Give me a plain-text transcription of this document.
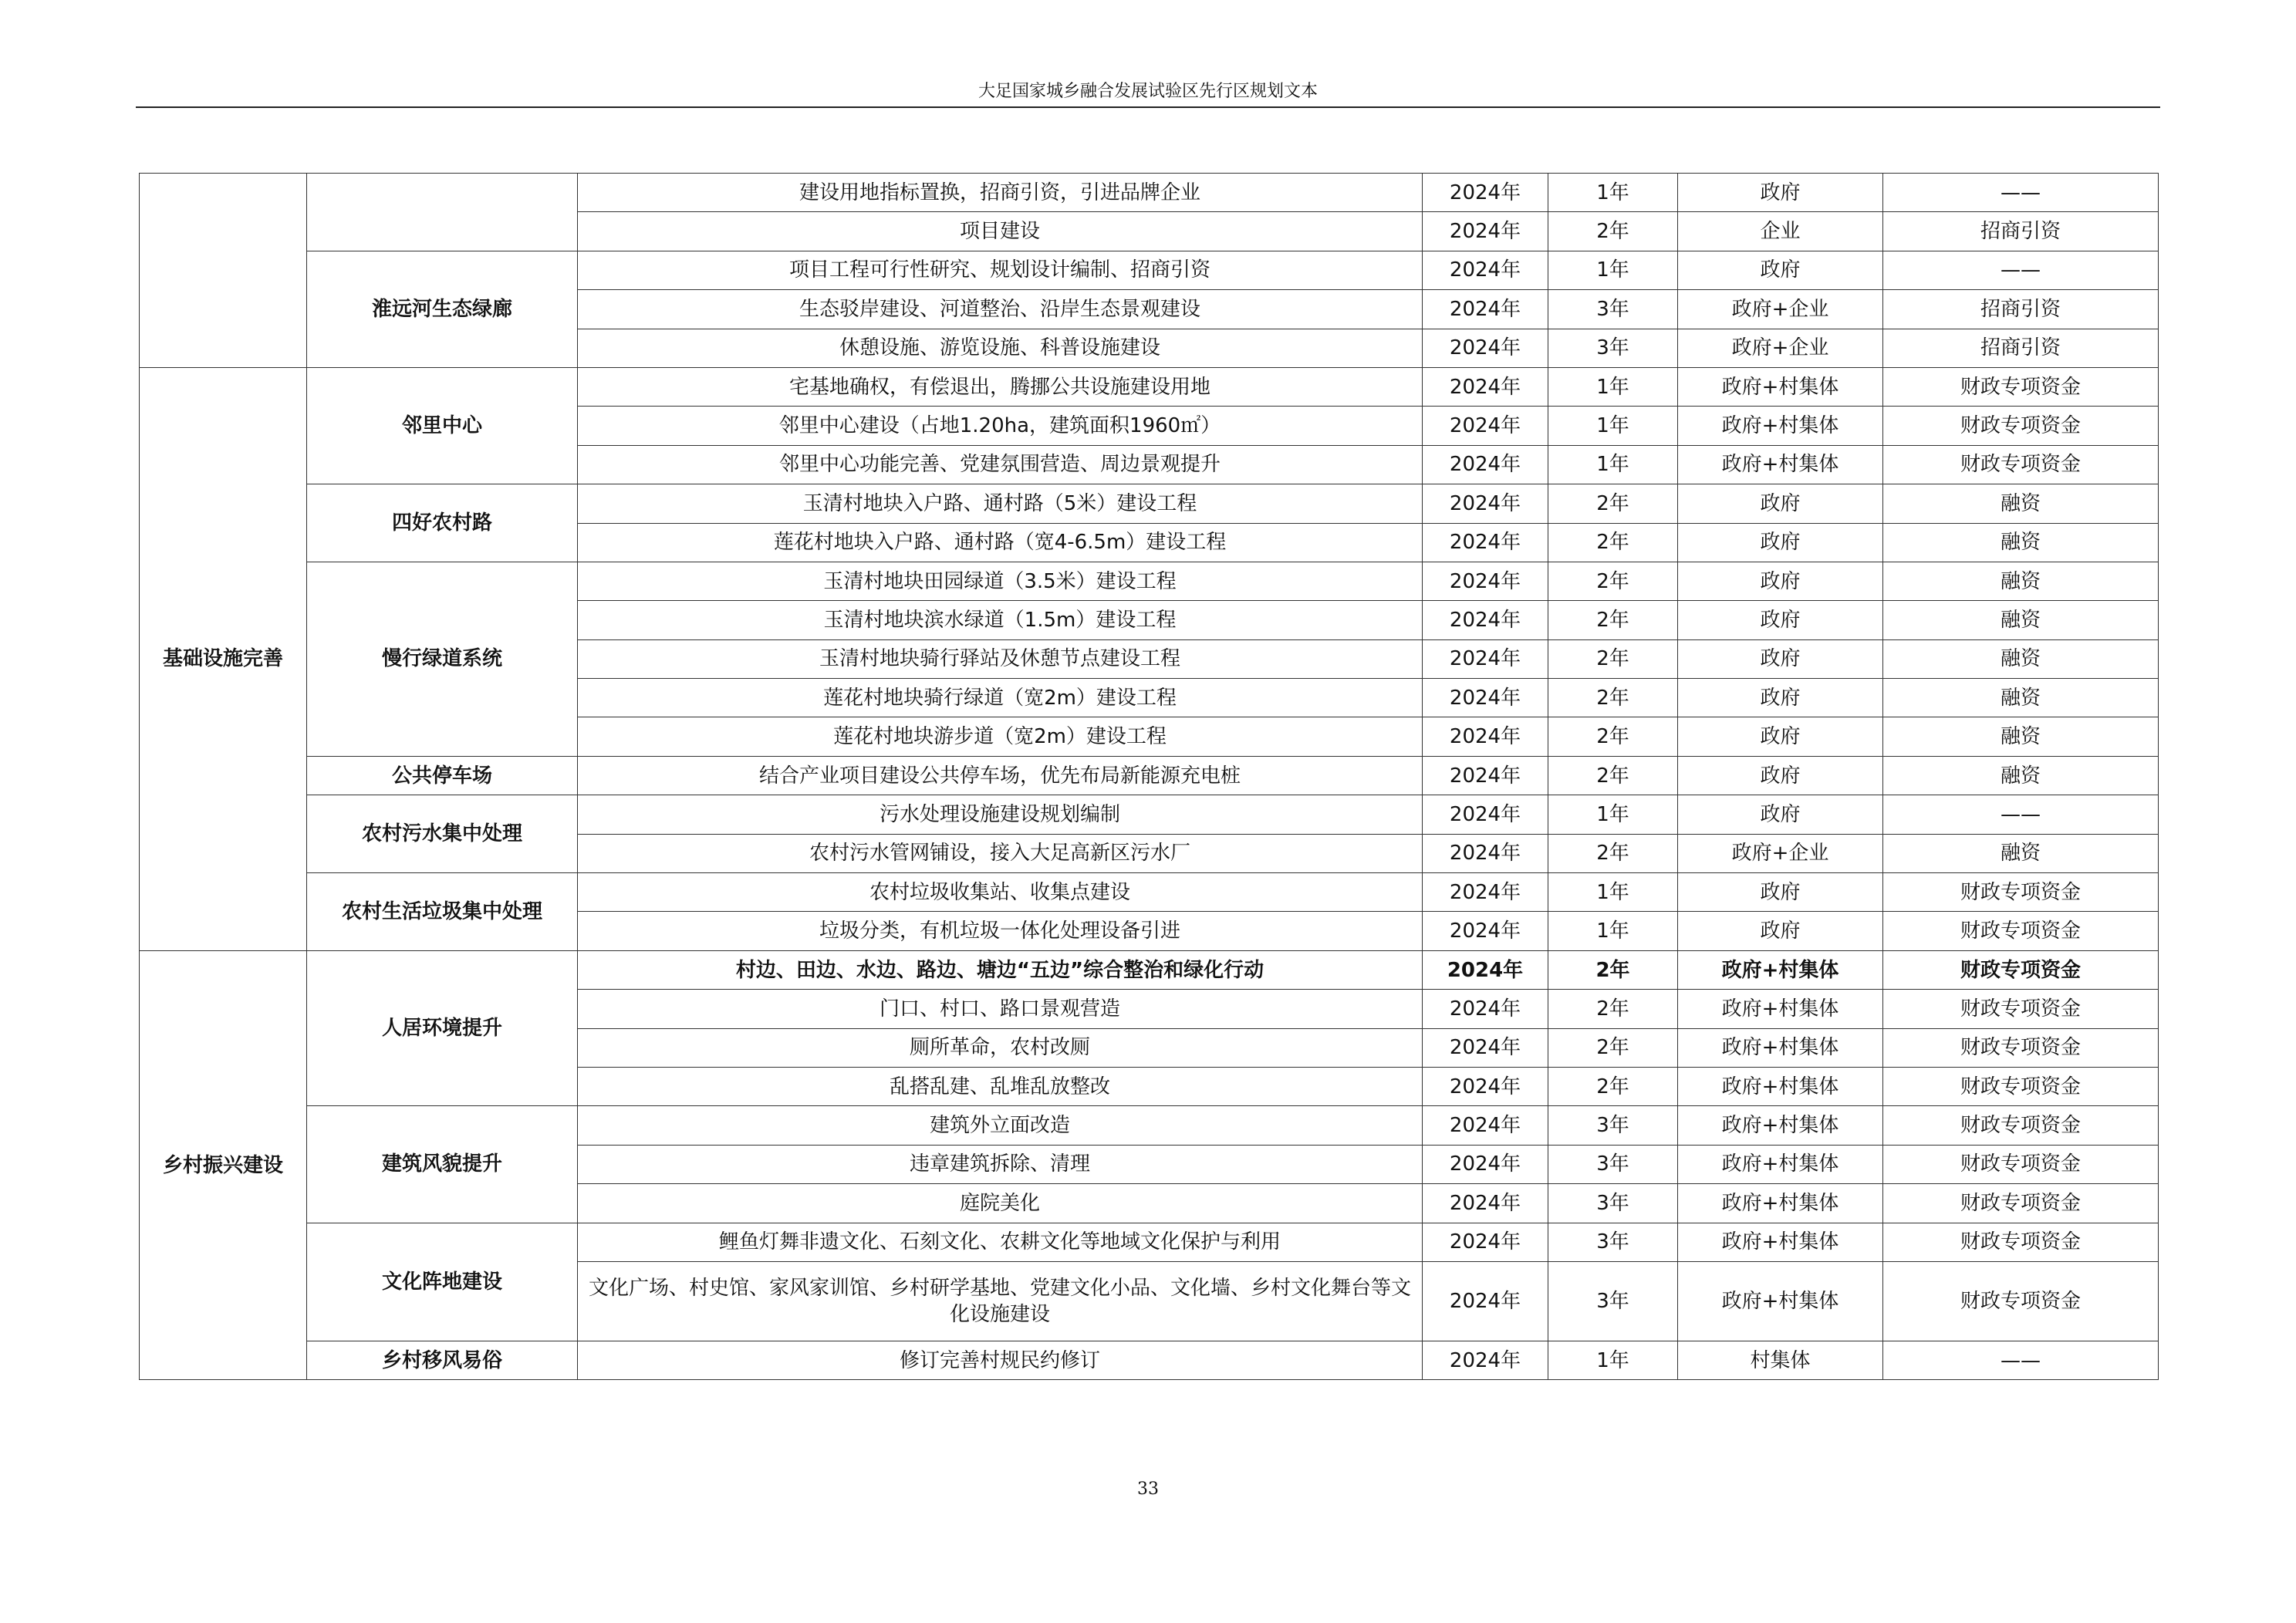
大足国家城乡融合发展试验区先行区规划文本
		建设用地指标置换，招商引资，引进品牌企业	2024年	1年	政府	——
		项目建设	2024年	2年	企业	招商引资
	淮远河生态绿廊	项目工程可行性研究、规划设计编制、招商引资	2024年	1年	政府	——
		生态驳岸建设、河道整治、沿岸生态景观建设	2024年	3年	政府+企业	招商引资
		休憩设施、游览设施、科普设施建设	2024年	3年	政府+企业	招商引资
基础设施完善	邻里中心	宅基地确权，有偿退出，腾挪公共设施建设用地	2024年	1年	政府+村集体	财政专项资金
		邻里中心建设（占地1.20ha，建筑面积1960㎡）	2024年	1年	政府+村集体	财政专项资金
		邻里中心功能完善、党建氛围营造、周边景观提升	2024年	1年	政府+村集体	财政专项资金
	四好农村路	玉清村地块入户路、通村路（5米）建设工程	2024年	2年	政府	融资
		莲花村地块入户路、通村路（宽4-6.5m）建设工程	2024年	2年	政府	融资
	慢行绿道系统	玉清村地块田园绿道（3.5米）建设工程	2024年	2年	政府	融资
		玉清村地块滨水绿道（1.5m）建设工程	2024年	2年	政府	融资
		玉清村地块骑行驿站及休憩节点建设工程	2024年	2年	政府	融资
		莲花村地块骑行绿道（宽2m）建设工程	2024年	2年	政府	融资
		莲花村地块游步道（宽2m）建设工程	2024年	2年	政府	融资
	公共停车场	结合产业项目建设公共停车场，优先布局新能源充电桩	2024年	2年	政府	融资
	农村污水集中处理	污水处理设施建设规划编制	2024年	1年	政府	——
		农村污水管网铺设，接入大足高新区污水厂	2024年	2年	政府+企业	融资
	农村生活垃圾集中处理	农村垃圾收集站、收集点建设	2024年	1年	政府	财政专项资金
		垃圾分类，有机垃圾一体化处理设备引进	2024年	1年	政府	财政专项资金
乡村振兴建设	人居环境提升	村边、田边、水边、路边、塘边“五边”综合整治和绿化行动	2024年	2年	政府+村集体	财政专项资金
		门口、村口、路口景观营造	2024年	2年	政府+村集体	财政专项资金
		厕所革命，农村改厕	2024年	2年	政府+村集体	财政专项资金
		乱搭乱建、乱堆乱放整改	2024年	2年	政府+村集体	财政专项资金
	建筑风貌提升	建筑外立面改造	2024年	3年	政府+村集体	财政专项资金
		违章建筑拆除、清理	2024年	3年	政府+村集体	财政专项资金
		庭院美化	2024年	3年	政府+村集体	财政专项资金
	文化阵地建设	鲤鱼灯舞非遗文化、石刻文化、农耕文化等地域文化保护与利用	2024年	3年	政府+村集体	财政专项资金
		文化广场、村史馆、家风家训馆、乡村研学基地、党建文化小品、文化墙、乡村文化舞台等文化设施建设	2024年	3年	政府+村集体	财政专项资金
	乡村移风易俗	修订完善村规民约修订	2024年	1年	村集体	——
33
